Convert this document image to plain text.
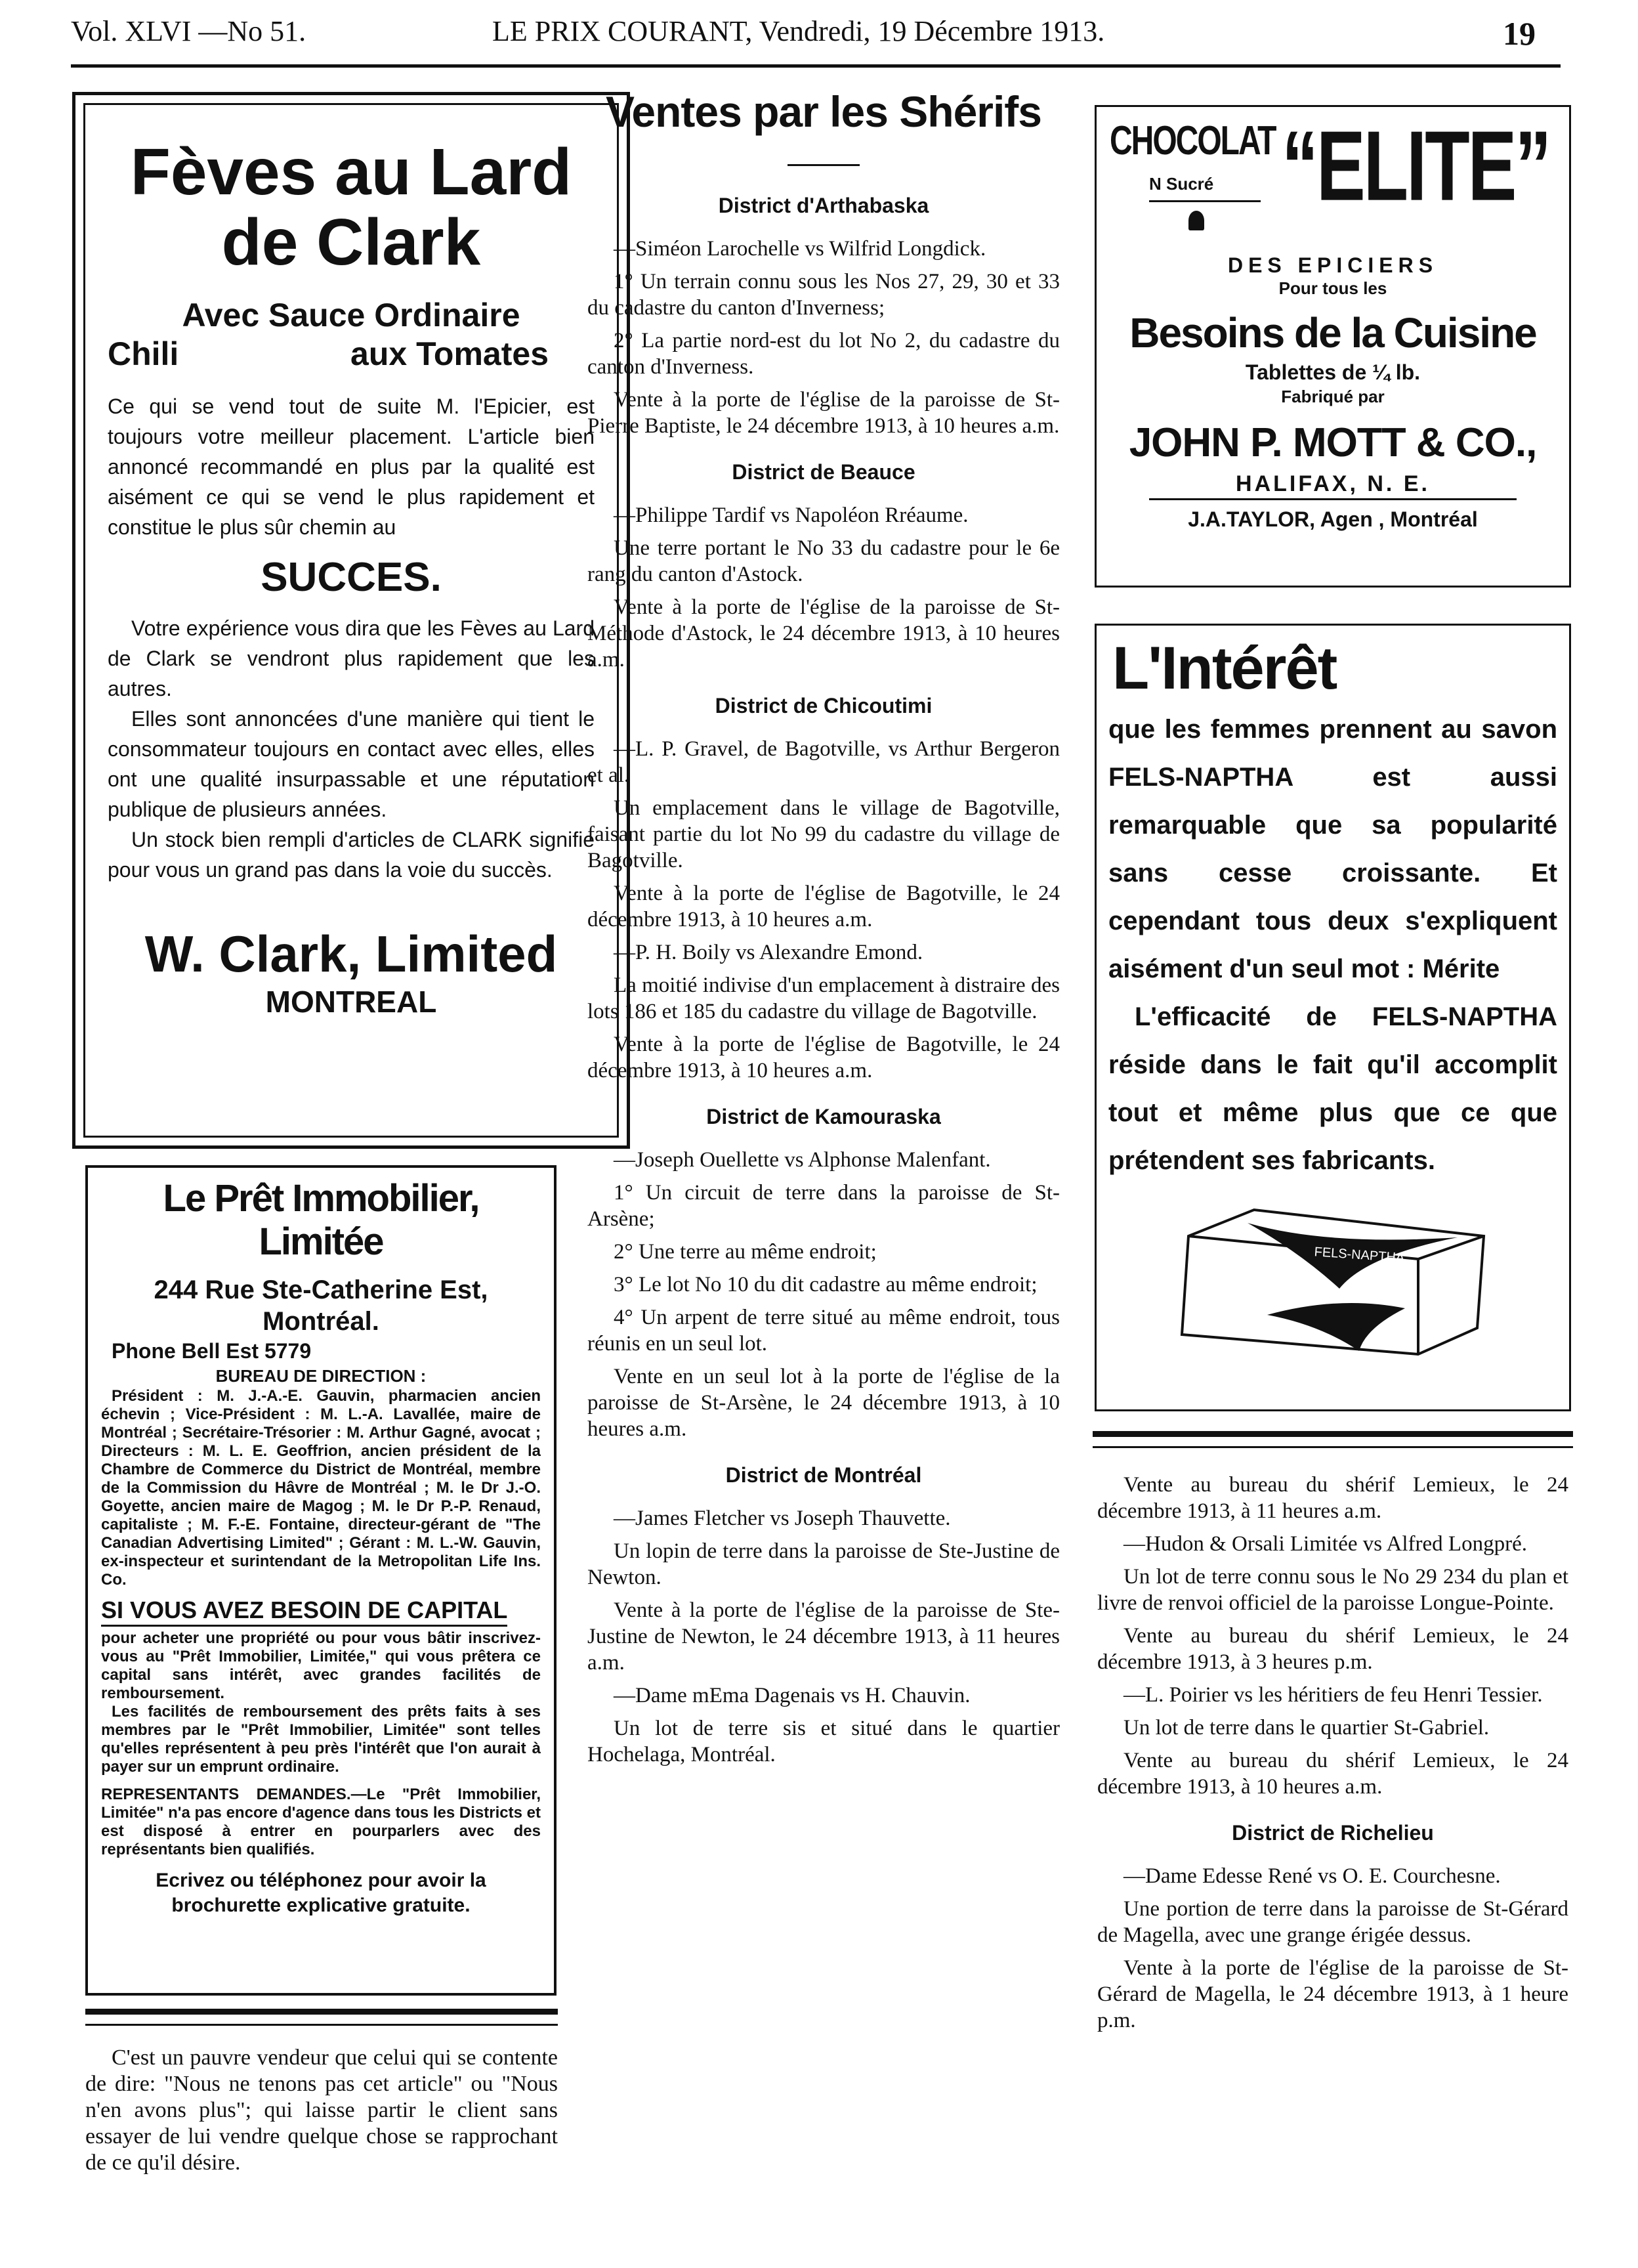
Vol. XLVI —No 51.	LE PRIX COURANT, Vendredi, 19 Décembre 1913.	19
Fèves au Lard
de Clark
Avec Sauce Ordinaire
Chili	aux Tomates
Ce qui se vend tout de suite M. l'Epicier, est toujours votre meilleur placement. L'article bien annoncé recommandé en plus par la qualité est aisément ce qui se vend le plus rapidement et constitue le plus sûr chemin au
SUCCES.
Votre expérience vous dira que les Fèves au Lard de Clark se vendront plus rapidement que les autres.
Elles sont annoncées d'une manière qui tient le consommateur toujours en contact avec elles, elles ont une qualité insurpassable et une réputation publique de plusieurs années.
Un stock bien rempli d'articles de CLARK signifie pour vous un grand pas dans la voie du succès.
W. Clark, Limited
MONTREAL
Le Prêt Immobilier, Limitée
244 Rue Ste-Catherine Est,
Montréal.
Phone Bell Est 5779
BUREAU DE DIRECTION :
Président : M. J.-A.-E. Gauvin, pharmacien ancien échevin ; Vice-Président : M. L.-A. Lavallée, maire de Montréal ; Secrétaire-Trésorier : M. Arthur Gagné, avocat ; Directeurs : M. L. E. Geoffrion, ancien président de la Chambre de Commerce du District de Montréal, membre de la Commission du Hâvre de Montréal ; M. le Dr J.-O. Goyette, ancien maire de Magog ; M. le Dr P.-P. Renaud, capitaliste ; M. F.-E. Fontaine, directeur-gérant de "The Canadian Advertising Limited" ; Gérant : M. L.-W. Gauvin, ex-inspecteur et surintendant de la Metropolitan Life Ins. Co.
SI VOUS AVEZ BESOIN DE CAPITAL
pour acheter une propriété ou pour vous bâtir inscrivez-vous au "Prêt Immobilier, Limitée," qui vous prêtera ce capital sans intérêt, avec grandes facilités de remboursement.
Les facilités de remboursement des prêts faits à ses membres par le "Prêt Immobilier, Limitée" sont telles qu'elles représentent à peu près l'intérêt que l'on aurait à payer sur un emprunt ordinaire.
REPRESENTANTS DEMANDES.—Le "Prêt Immobilier, Limitée" n'a pas encore d'agence dans tous les Districts et est disposé à entrer en pourparlers avec des représentants bien qualifiés.
Ecrivez ou téléphonez pour avoir la brochurette explicative gratuite.
C'est un pauvre vendeur que celui qui se contente de dire: "Nous ne tenons pas cet article" ou "Nous n'en avons plus"; qui laisse partir le client sans essayer de lui vendre quelque chose se rapprochant de ce qu'il désire.
Ventes par les Shérifs
District d'Arthabaska

—Siméon Larochelle vs Wilfrid Longdick.

1° Un terrain connu sous les Nos 27, 29, 30 et 33 du cadastre du canton d'Inverness;

2° La partie nord-est du lot No 2, du cadastre du canton d'Inverness.

Vente à la porte de l'église de la paroisse de St-Pierre Baptiste, le 24 décembre 1913, à 10 heures a.m.

District de Beauce

—Philippe Tardif vs Napoléon Rréaume.

Une terre portant le No 33 du cadastre pour le 6e rang du canton d'Astock.

Vente à la porte de l'église de la paroisse de St-Méthode d'Astock, le 24 décembre 1913, à 10 heures a.m.

District de Chicoutimi

—L. P. Gravel, de Bagotville, vs Arthur Bergeron et al.

Un emplacement dans le village de Bagotville, faisant partie du lot No 99 du cadastre du village de Bagotville.

Vente à la porte de l'église de Bagotville, le 24 décembre 1913, à 10 heures a.m.

—P. H. Boily vs Alexandre Emond.

La moitié indivise d'un emplacement à distraire des lots 186 et 185 du cadastre du village de Bagotville.

Vente à la porte de l'église de Bagotville, le 24 décembre 1913, à 10 heures a.m.

District de Kamouraska

—Joseph Ouellette vs Alphonse Malenfant.

1° Un circuit de terre dans la paroisse de St-Arsène;

2° Une terre au même endroit;

3° Le lot No 10 du dit cadastre au même endroit;

4° Un arpent de terre situé au même endroit, tous réunis en un seul lot.

Vente en un seul lot à la porte de l'église de la paroisse de St-Arsène, le 24 décembre 1913, à 10 heures a.m.

District de Montréal

—James Fletcher vs Joseph Thauvette.

Un lopin de terre dans la paroisse de Ste-Justine de Newton.

Vente à la porte de l'église de la paroisse de Ste-Justine de Newton, le 24 décembre 1913, à 11 heures a.m.

—Dame mEma Dagenais vs H. Chauvin.

Un lot de terre sis et situé dans le quartier Hochelaga, Montréal.

CHOCOLAT
N Sucré “ELITE”
DES EPICIERS
Pour tous les
Besoins de la Cuisine
Tablettes de ¼ lb.
Fabriqué par
JOHN P. MOTT & CO.,
HALIFAX, N. E.
J.A.TAYLOR, Agen , Montréal
L'Intérêt
que les femmes prennent au savon FELS-NAPTHA est aussi remarquable que sa popularité sans cesse croissante. Et cependant tous deux s'expliquent aisément d'un seul mot : Mérite
L'efficacité de FELS-NAPTHA réside dans le fait qu'il accomplit tout et même plus que ce que prétendent ses fabricants.
FELS-NAPTHA

Vente au bureau du shérif Lemieux, le 24 décembre 1913, à 11 heures a.m.

—Hudon & Orsali Limitée vs Alfred Longpré.

Un lot de terre connu sous le No 29 234 du plan et livre de renvoi officiel de la paroisse Longue-Pointe.

Vente au bureau du shérif Lemieux, le 24 décembre 1913, à 3 heures p.m.

—L. Poirier vs les héritiers de feu Henri Tessier.

Un lot de terre dans le quartier St-Gabriel.

Vente au bureau du shérif Lemieux, le 24 décembre 1913, à 10 heures a.m.

District de Richelieu

—Dame Edesse René vs O. E. Courchesne.

Une portion de terre dans la paroisse de St-Gérard de Magella, avec une grange érigée dessus.

Vente à la porte de l'église de la paroisse de St-Gérard de Magella, le 24 décembre 1913, à 1 heure p.m.
